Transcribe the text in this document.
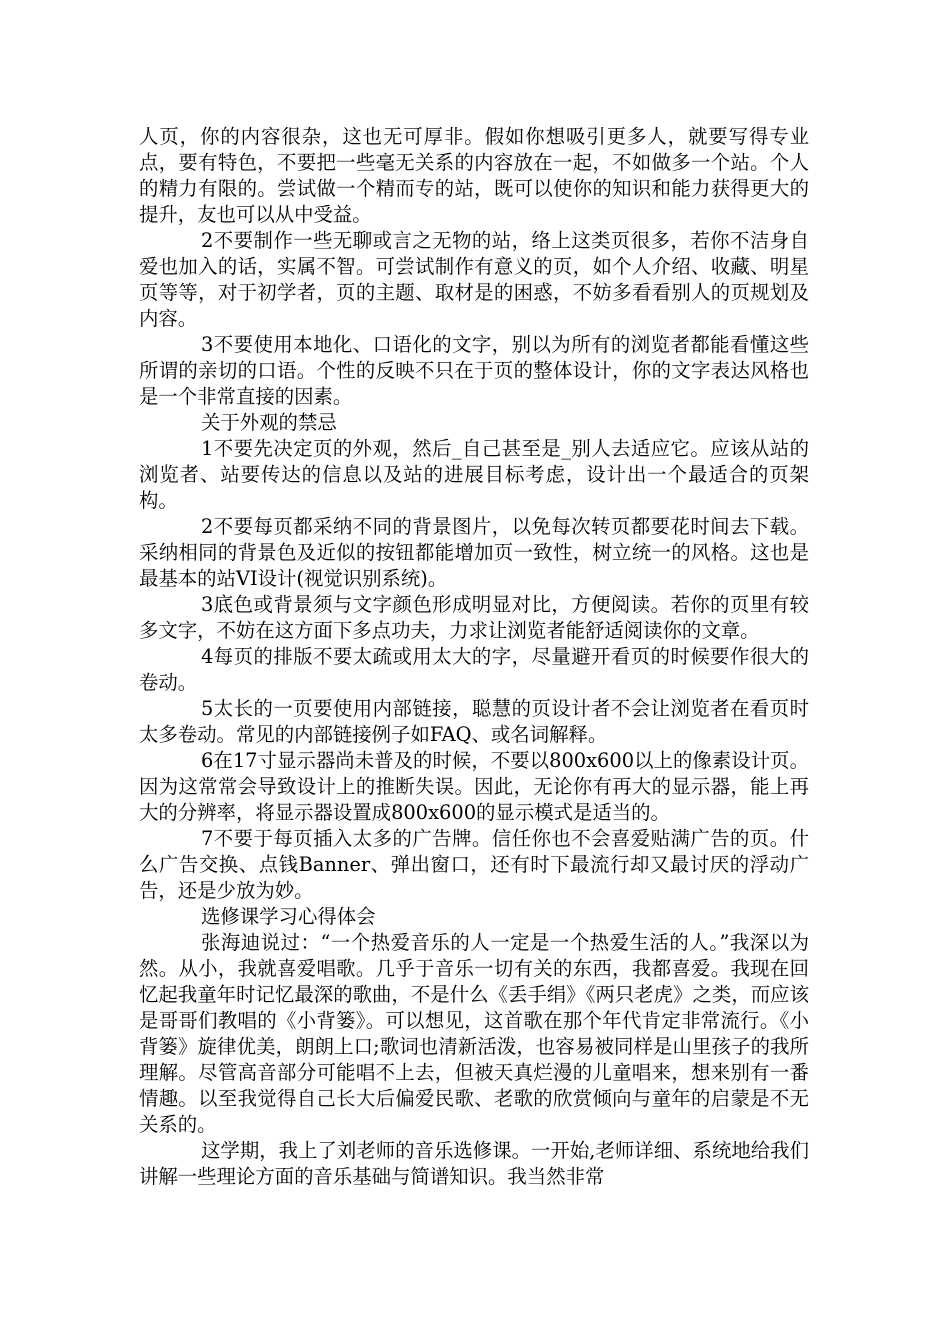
人页，你的内容很杂，这也无可厚非。假如你想吸引更多人，就要写得专业点，要有特色，不要把一些毫无关系的内容放在一起，不如做多一个站。个人的精力有限的。尝试做一个精而专的站，既可以使你的知识和能力获得更大的提升，友也可以从中受益。

2不要制作一些无聊或言之无物的站，络上这类页很多，若你不洁身自爱也加入的话，实属不智。可尝试制作有意义的页，如个人介绍、收藏、明星页等等，对于初学者，页的主题、取材是的困惑，不妨多看看别人的页规划及内容。

3不要使用本地化、口语化的文字，别以为所有的浏览者都能看懂这些所谓的亲切的口语。个性的反映不只在于页的整体设计，你的文字表达风格也是一个非常直接的因素。

关于外观的禁忌

1不要先决定页的外观，然后_自己甚至是_别人去适应它。应该从站的浏览者、站要传达的信息以及站的进展目标考虑，设计出一个最适合的页架构。

2不要每页都采纳不同的背景图片，以免每次转页都要花时间去下载。采纳相同的背景色及近似的按钮都能增加页一致性，树立统一的风格。这也是最基本的站VI设计(视觉识别系统)。

3底色或背景须与文字颜色形成明显对比，方便阅读。若你的页里有较多文字，不妨在这方面下多点功夫，力求让浏览者能舒适阅读你的文章。

4每页的排版不要太疏或用太大的字，尽量避开看页的时候要作很大的卷动。

5太长的一页要使用内部链接，聪慧的页设计者不会让浏览者在看页时太多卷动。常见的内部链接例子如FAQ、或名词解释。

6在17寸显示器尚未普及的时候，不要以800x600以上的像素设计页。因为这常常会导致设计上的推断失误。因此，无论你有再大的显示器，能上再大的分辨率，将显示器设置成800x600的显示模式是适当的。

7不要于每页插入太多的广告牌。信任你也不会喜爱贴满广告的页。什么广告交换、点钱Banner、弹出窗口，还有时下最流行却又最讨厌的浮动广告，还是少放为妙。

选修课学习心得体会

张海迪说过：“一个热爱音乐的人一定是一个热爱生活的人。”我深以为然。从小，我就喜爱唱歌。几乎于音乐一切有关的东西，我都喜爱。我现在回忆起我童年时记忆最深的歌曲，不是什么《丢手绢》《两只老虎》之类，而应该是哥哥们教唱的《小背篓》。可以想见，这首歌在那个年代肯定非常流行。《小背篓》旋律优美，朗朗上口;歌词也清新活泼，也容易被同样是山里孩子的我所理解。尽管高音部分可能唱不上去，但被天真烂漫的儿童唱来，想来别有一番情趣。以至我觉得自己长大后偏爱民歌、老歌的欣赏倾向与童年的启蒙是不无关系的。

这学期，我上了刘老师的音乐选修课。一开始,老师详细、系统地给我们讲解一些理论方面的音乐基础与简谱知识。我当然非常
